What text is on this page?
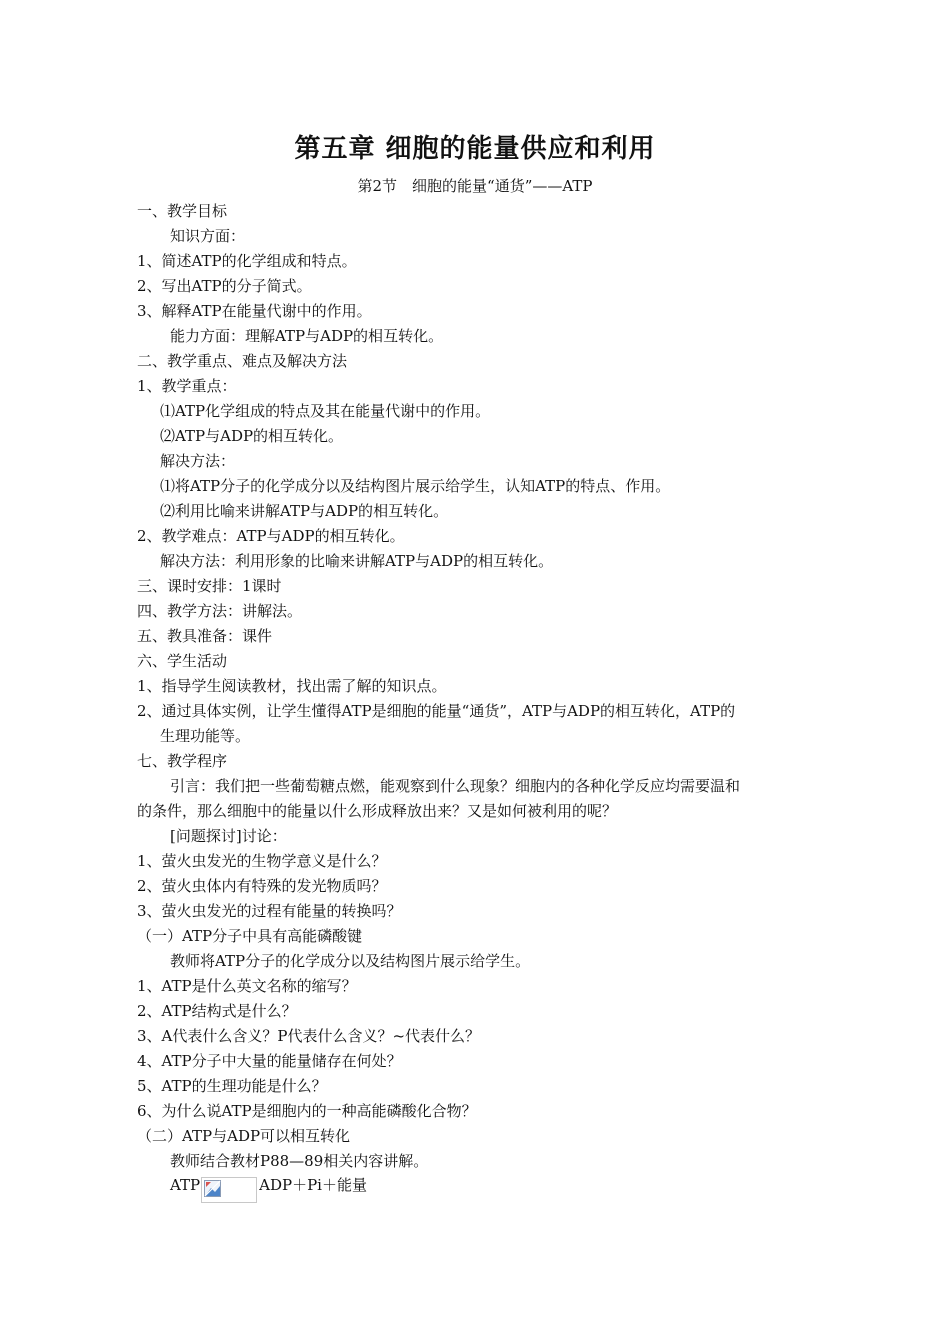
第五章 细胞的能量供应和利用
第2节　细胞的能量“通货”——ATP
一、教学目标
知识方面：
1、简述ATP的化学组成和特点。
2、写出ATP的分子简式。
3、解释ATP在能量代谢中的作用。
能力方面：理解ATP与ADP的相互转化。
二、教学重点、难点及解决方法
1、教学重点：
⑴ATP化学组成的特点及其在能量代谢中的作用。
⑵ATP与ADP的相互转化。
解决方法：
⑴将ATP分子的化学成分以及结构图片展示给学生，认知ATP的特点、作用。
⑵利用比喻来讲解ATP与ADP的相互转化。
2、教学难点：ATP与ADP的相互转化。
解决方法：利用形象的比喻来讲解ATP与ADP的相互转化。
三、课时安排：1课时
四、教学方法：讲解法。
五、教具准备：课件
六、学生活动
1、指导学生阅读教材，找出需了解的知识点。
2、通过具体实例，让学生懂得ATP是细胞的能量“通货”，ATP与ADP的相互转化，ATP的
生理功能等。
七、教学程序
引言：我们把一些葡萄糖点燃，能观察到什么现象？细胞内的各种化学反应均需要温和
的条件，那么细胞中的能量以什么形成释放出来？又是如何被利用的呢？
[问题探讨]讨论：
1、萤火虫发光的生物学意义是什么？
2、萤火虫体内有特殊的发光物质吗？
3、萤火虫发光的过程有能量的转换吗？
（一）ATP分子中具有高能磷酸键
教师将ATP分子的化学成分以及结构图片展示给学生。
1、ATP是什么英文名称的缩写？
2、ATP结构式是什么？
3、A代表什么含义？P代表什么含义？~代表什么？
4、ATP分子中大量的能量储存在何处？
5、ATP的生理功能是什么？
6、为什么说ATP是细胞内的一种高能磷酸化合物？
（二）ATP与ADP可以相互转化
教师结合教材P88—89相关内容讲解。
ATP	ADP＋Pi＋能量
